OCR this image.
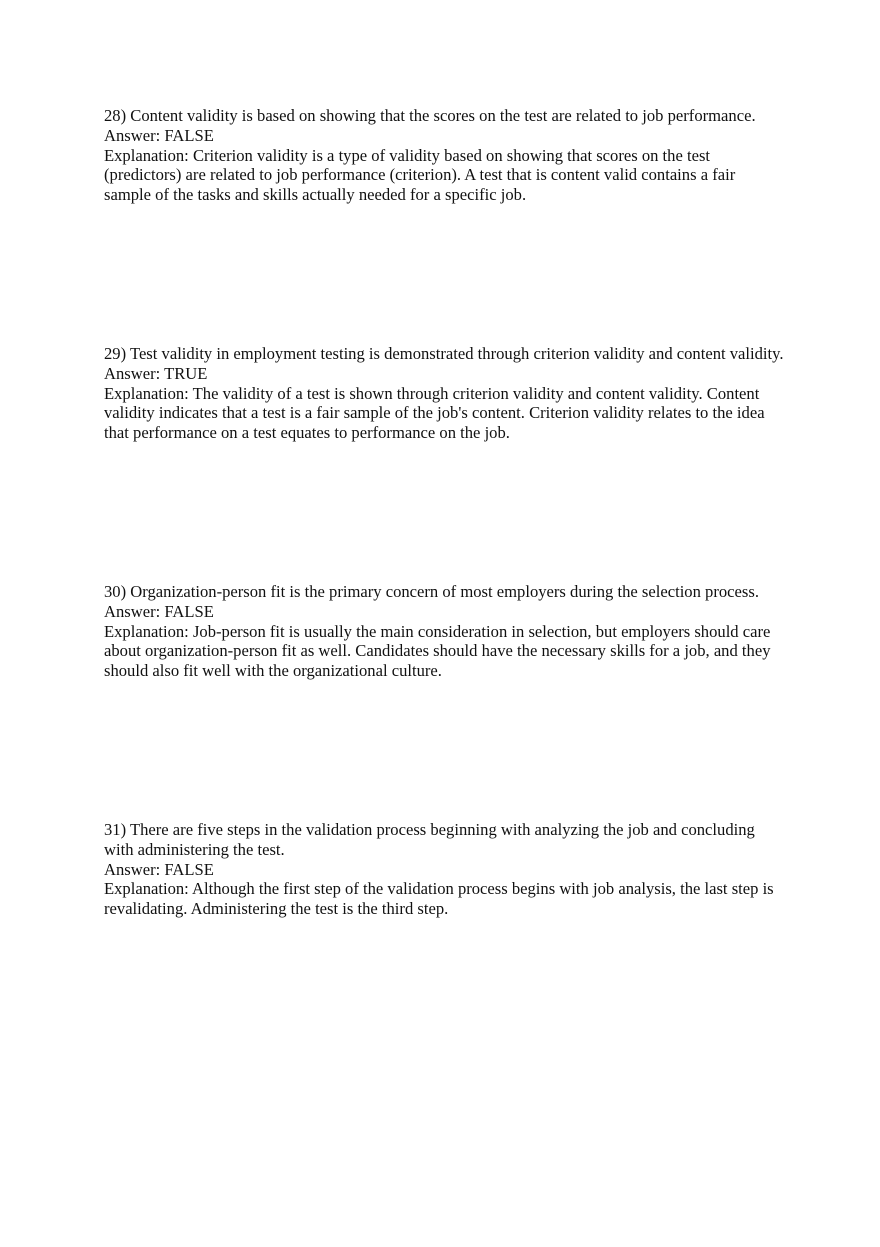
28) Content validity is based on showing that the scores on the test are related to job performance.

Answer: FALSE

Explanation: Criterion validity is a type of validity based on showing that scores on the test (predictors) are related to job performance (criterion). A test that is content valid contains a fair sample of the tasks and skills actually needed for a specific job.

29) Test validity in employment testing is demonstrated through criterion validity and content validity.

Answer: TRUE

Explanation: The validity of a test is shown through criterion validity and content validity. Content validity indicates that a test is a fair sample of the job's content. Criterion validity relates to the idea that performance on a test equates to performance on the job.

30) Organization-person fit is the primary concern of most employers during the selection process.

Answer: FALSE

Explanation: Job-person fit is usually the main consideration in selection, but employers should care about organization-person fit as well. Candidates should have the necessary skills for a job, and they should also fit well with the organizational culture.

31) There are five steps in the validation process beginning with analyzing the job and concluding with administering the test.

Answer: FALSE

Explanation: Although the first step of the validation process begins with job analysis, the last step is revalidating. Administering the test is the third step.
